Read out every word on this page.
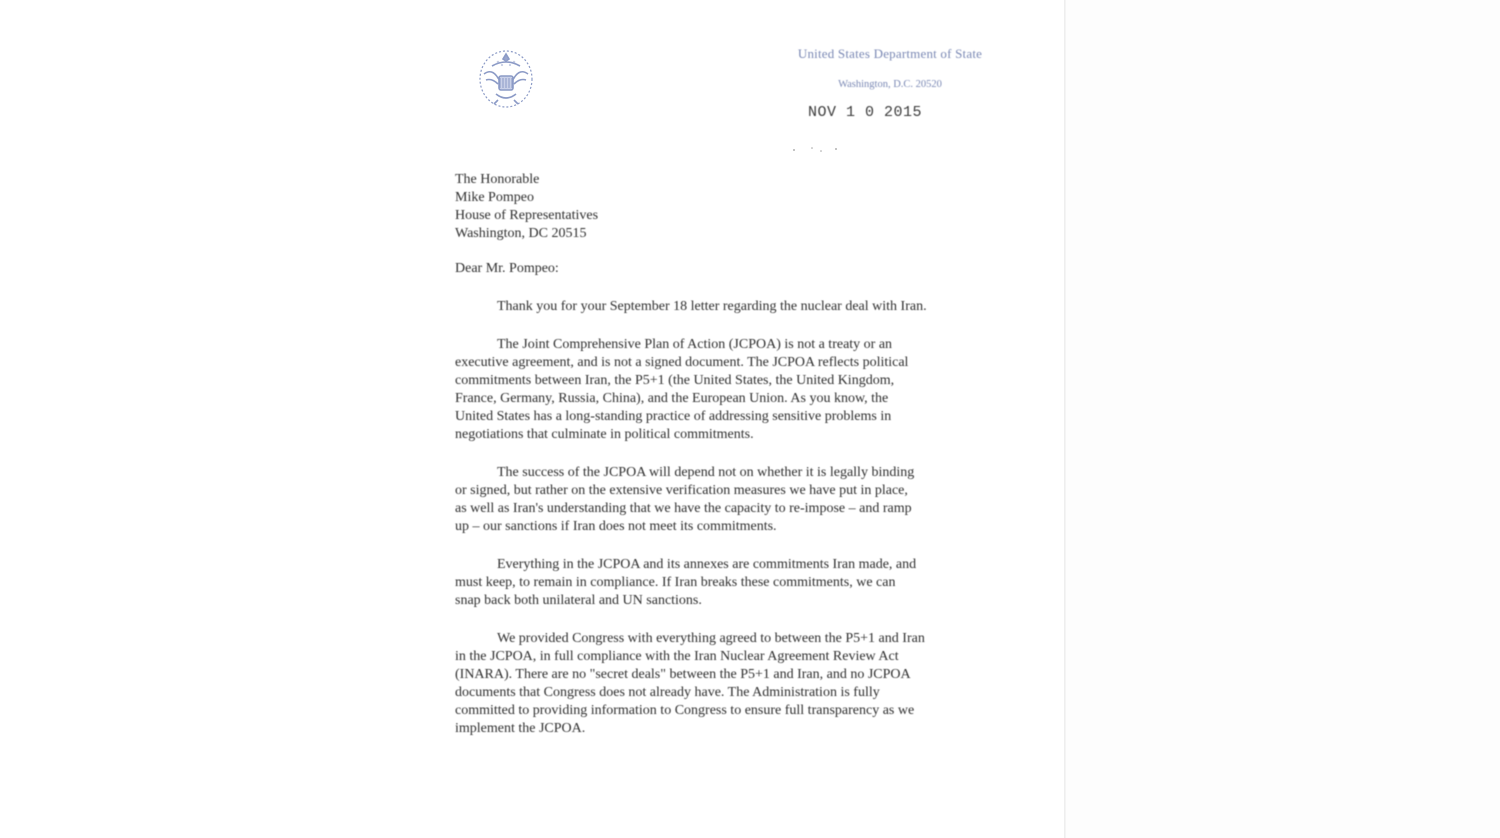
United States Department of State
Washington, D.C. 20520
NOV 1 0 2015
The Honorable
Mike Pompeo
House of Representatives
Washington, DC 20515
Dear Mr. Pompeo:
Thank you for your September 18 letter regarding the nuclear deal with Iran.
The Joint Comprehensive Plan of Action (JCPOA) is not a treaty or an
executive agreement, and is not a signed document. The JCPOA reflects political
commitments between Iran, the P5+1 (the United States, the United Kingdom,
France, Germany, Russia, China), and the European Union. As you know, the
United States has a long-standing practice of addressing sensitive problems in
negotiations that culminate in political commitments.
The success of the JCPOA will depend not on whether it is legally binding
or signed, but rather on the extensive verification measures we have put in place,
as well as Iran's understanding that we have the capacity to re-impose – and ramp
up – our sanctions if Iran does not meet its commitments.
Everything in the JCPOA and its annexes are commitments Iran made, and
must keep, to remain in compliance. If Iran breaks these commitments, we can
snap back both unilateral and UN sanctions.
We provided Congress with everything agreed to between the P5+1 and Iran
in the JCPOA, in full compliance with the Iran Nuclear Agreement Review Act
(INARA). There are no "secret deals" between the P5+1 and Iran, and no JCPOA
documents that Congress does not already have. The Administration is fully
committed to providing information to Congress to ensure full transparency as we
implement the JCPOA.
